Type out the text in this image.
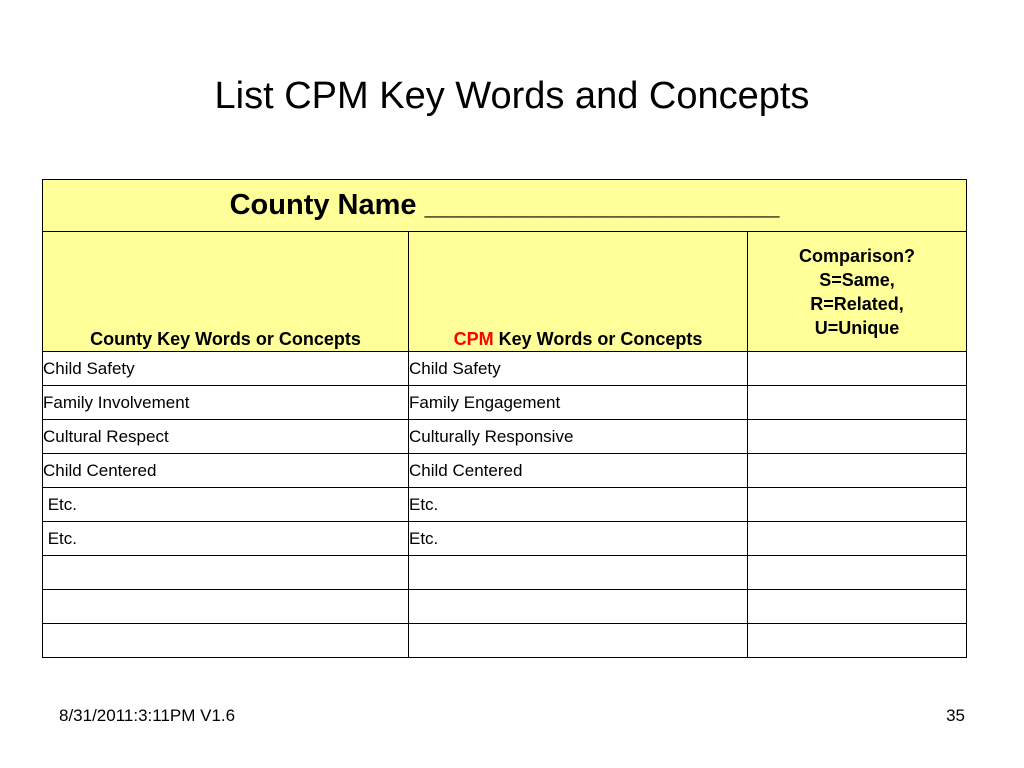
List CPM Key Words and Concepts
County Name ______________________		
County Key Words or Concepts	CPM Key Words or Concepts	Comparison?
S=Same,
R=Related,
U=Unique

Child Safety	Child Safety	
Family Involvement	Family Engagement	
Cultural Respect	Culturally Responsive	
Child Centered	Child Centered	
Etc.	Etc.	
Etc.	Etc.	

8/31/2011:3:11PM V1.6	35
